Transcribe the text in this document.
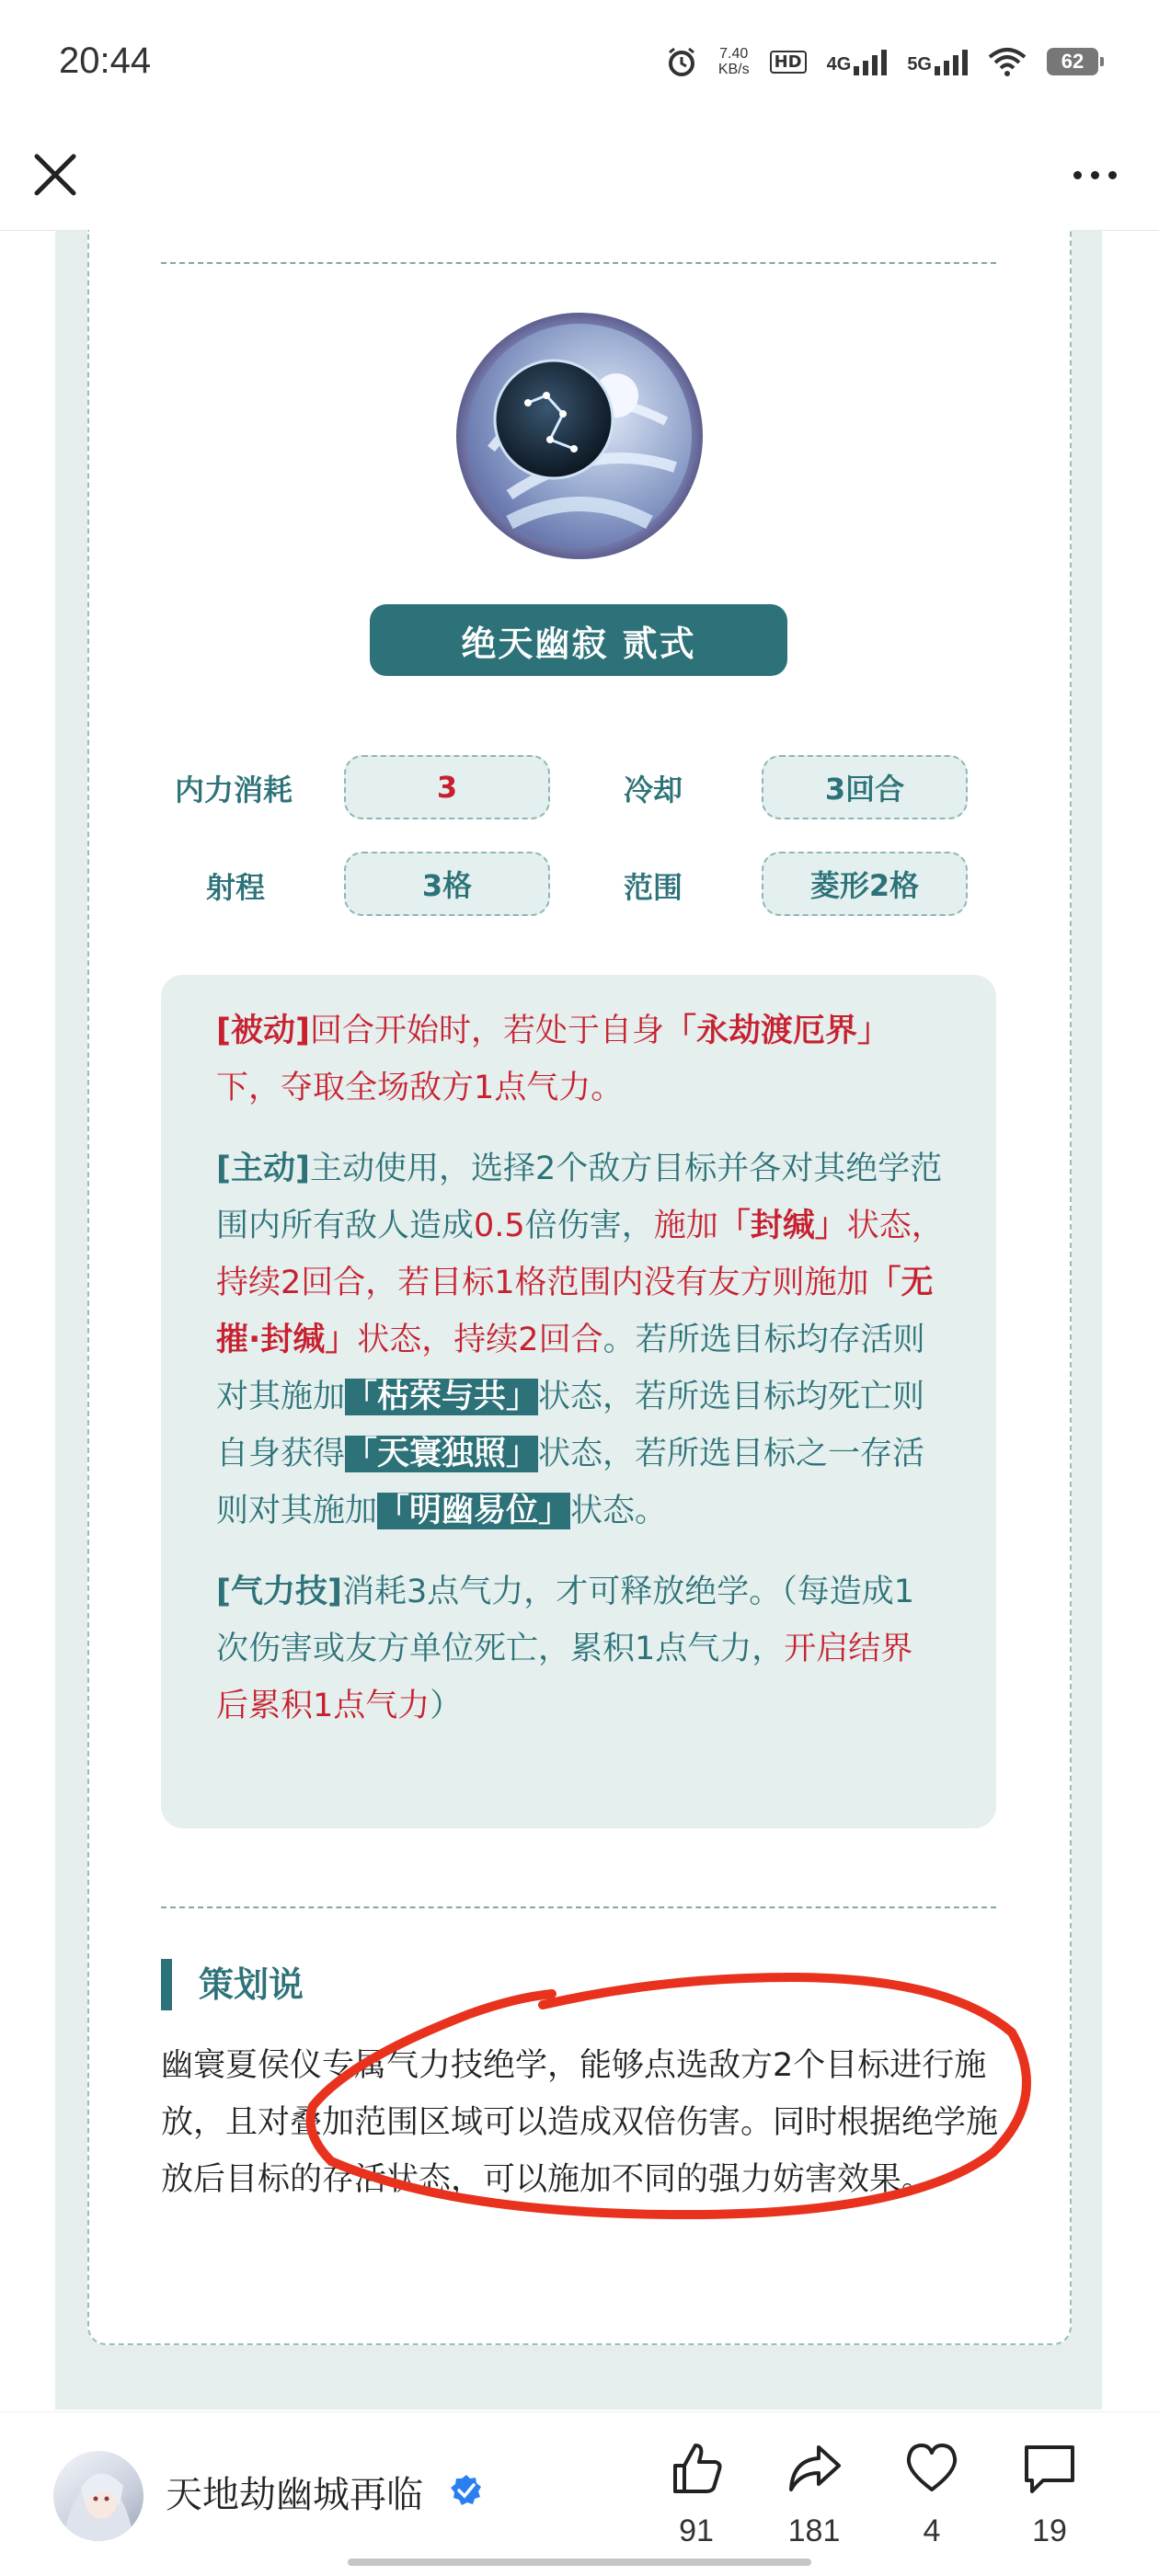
20:44	7.40
KB/s HD 4G	5G	62
绝天幽寂 贰式
内力消耗	3	冷却	3回合
射程	3格	范围	菱形2格

[被动]回合开始时，若处于自身「永劫渡厄界」下，夺取全场敌方1点气力。

[主动]主动使用，选择2个敌方目标并各对其绝学范围内所有敌人造成0.5倍伤害，施加「封缄」状态，持续2回合，若目标1格范围内没有友方则施加「无摧·封缄」状态，持续2回合。若所选目标均存活则对其施加「枯荣与共」状态，若所选目标均死亡则自身获得「天寰独照」状态，若所选目标之一存活则对其施加「明幽易位」状态。

[气力技]消耗3点气力，才可释放绝学。（每造成1次伤害或友方单位死亡，累积1点气力，开启结界后累积1点气力）

策划说
幽寰夏侯仪专属气力技绝学，能够点选敌方2个目标进行施放，且对叠加范围区域可以造成双倍伤害。同时根据绝学施放后目标的存活状态，可以施加不同的强力妨害效果。
天地劫幽城再临
91	181	4	19
